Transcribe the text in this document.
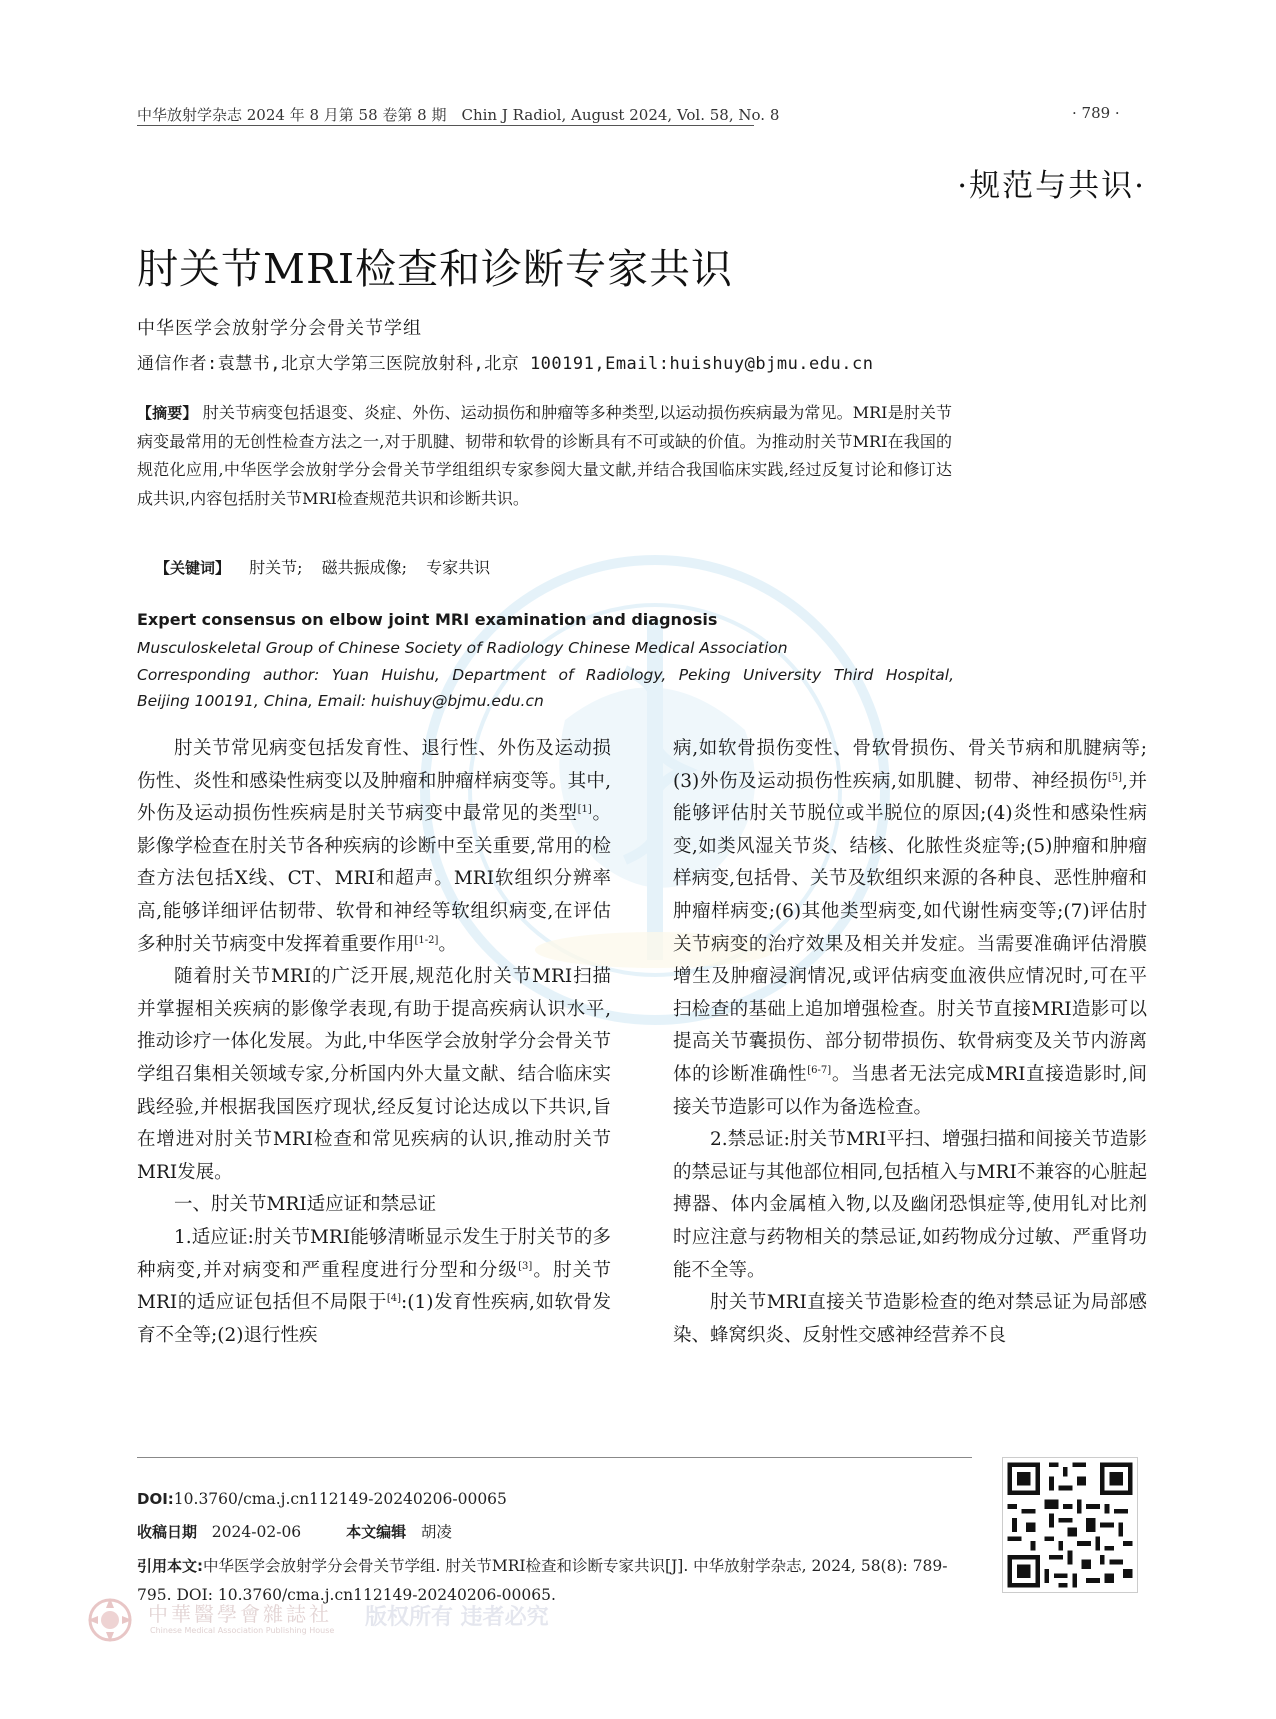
中华放射学杂志 2024 年 8 月第 58 卷第 8 期　Chin J Radiol, August 2024, Vol. 58, No. 8	· 789 ·
·规范与共识·
肘关节MRI检查和诊断专家共识
中华医学会放射学分会骨关节学组
通信作者:袁慧书,北京大学第三医院放射科,北京 100191,Email:huishuy@bjmu.edu.cn
【摘要】 肘关节病变包括退变、炎症、外伤、运动损伤和肿瘤等多种类型,以运动损伤疾病最为常见。MRI是肘关节病变最常用的无创性检查方法之一,对于肌腱、韧带和软骨的诊断具有不可或缺的价值。为推动肘关节MRI在我国的规范化应用,中华医学会放射学分会骨关节学组组织专家参阅大量文献,并结合我国临床实践,经过反复讨论和修订达成共识,内容包括肘关节MRI检查规范共识和诊断共识。
【关键词】 肘关节; 磁共振成像; 专家共识
Expert consensus on elbow joint MRI examination and diagnosis
Musculoskeletal Group of Chinese Society of Radiology Chinese Medical Association
Corresponding author: Yuan Huishu, Department of Radiology, Peking University Third Hospital,
Beijing 100191, China, Email: huishuy@bjmu.edu.cn

肘关节常见病变包括发育性、退行性、外伤及运动损伤性、炎性和感染性病变以及肿瘤和肿瘤样病变等。其中,外伤及运动损伤性疾病是肘关节病变中最常见的类型[1]。影像学检查在肘关节各种疾病的诊断中至关重要,常用的检查方法包括X线、CT、MRI和超声。MRI软组织分辨率高,能够详细评估韧带、软骨和神经等软组织病变,在评估多种肘关节病变中发挥着重要作用[1-2]。

随着肘关节MRI的广泛开展,规范化肘关节MRI扫描并掌握相关疾病的影像学表现,有助于提高疾病认识水平,推动诊疗一体化发展。为此,中华医学会放射学分会骨关节学组召集相关领域专家,分析国内外大量文献、结合临床实践经验,并根据我国医疗现状,经反复讨论达成以下共识,旨在增进对肘关节MRI检查和常见疾病的认识,推动肘关节MRI发展。

一、肘关节MRI适应证和禁忌证

1.适应证:肘关节MRI能够清晰显示发生于肘关节的多种病变,并对病变和严重程度进行分型和分级[3]。肘关节MRI的适应证包括但不局限于[4]:(1)发育性疾病,如软骨发育不全等;(2)退行性疾

病,如软骨损伤变性、骨软骨损伤、骨关节病和肌腱病等;(3)外伤及运动损伤性疾病,如肌腱、韧带、神经损伤[5],并能够评估肘关节脱位或半脱位的原因;(4)炎性和感染性病变,如类风湿关节炎、结核、化脓性炎症等;(5)肿瘤和肿瘤样病变,包括骨、关节及软组织来源的各种良、恶性肿瘤和肿瘤样病变;(6)其他类型病变,如代谢性病变等;(7)评估肘关节病变的治疗效果及相关并发症。当需要准确评估滑膜增生及肿瘤浸润情况,或评估病变血液供应情况时,可在平扫检查的基础上追加增强检查。肘关节直接MRI造影可以提高关节囊损伤、部分韧带损伤、软骨病变及关节内游离体的诊断准确性[6-7]。当患者无法完成MRI直接造影时,间接关节造影可以作为备选检查。

2.禁忌证:肘关节MRI平扫、增强扫描和间接关节造影的禁忌证与其他部位相同,包括植入与MRI不兼容的心脏起搏器、体内金属植入物,以及幽闭恐惧症等,使用钆对比剂时应注意与药物相关的禁忌证,如药物成分过敏、严重肾功能不全等。

肘关节MRI直接关节造影检查的绝对禁忌证为局部感染、蜂窝织炎、反射性交感神经营养不良

DOI:10.3760/cma.j.cn112149-20240206-00065
收稿日期 2024-02-06	本文编辑 胡凌
引用本文:中华医学会放射学分会骨关节学组. 肘关节MRI检查和诊断专家共识[J]. 中华放射学杂志, 2024, 58(8): 789-795. DOI: 10.3760/cma.j.cn112149-20240206-00065.
中華醫學會雜誌社
Chinese Medical Association Publishing House
版权所有 违者必究
